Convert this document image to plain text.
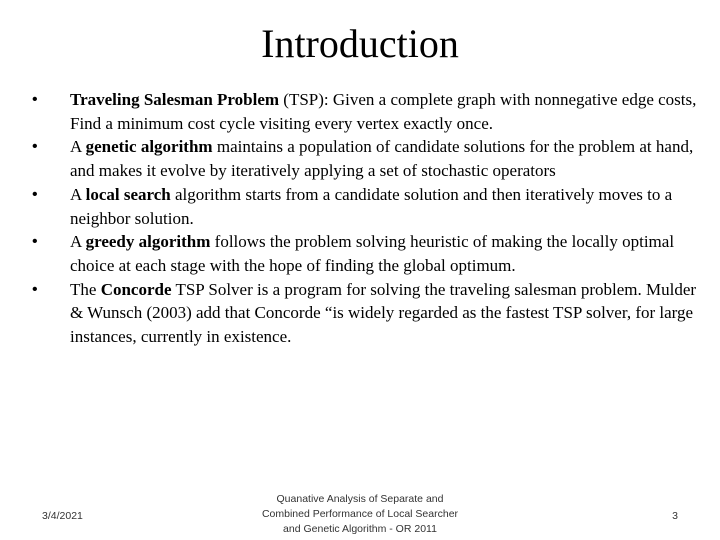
Introduction
• Traveling Salesman Problem (TSP): Given a complete graph with nonnegative edge costs, Find a minimum cost cycle visiting every vertex exactly once.
• A genetic algorithm maintains a population of candidate solutions for the problem at hand, and makes it evolve by iteratively applying a set of stochastic operators
• A local search algorithm starts from a candidate solution and then iteratively moves to a neighbor solution.
• A greedy algorithm follows the problem solving heuristic of making the locally optimal choice at each stage with the hope of finding the global optimum.
• The Concorde TSP Solver is a program for solving the traveling salesman problem. Mulder & Wunsch (2003) add that Concorde “is widely regarded as the fastest TSP solver, for large instances, currently in existence.
3/4/2021
Quanative Analysis of Separate and
Combined Performance of Local Searcher
and Genetic Algorithm - OR 2011
3
